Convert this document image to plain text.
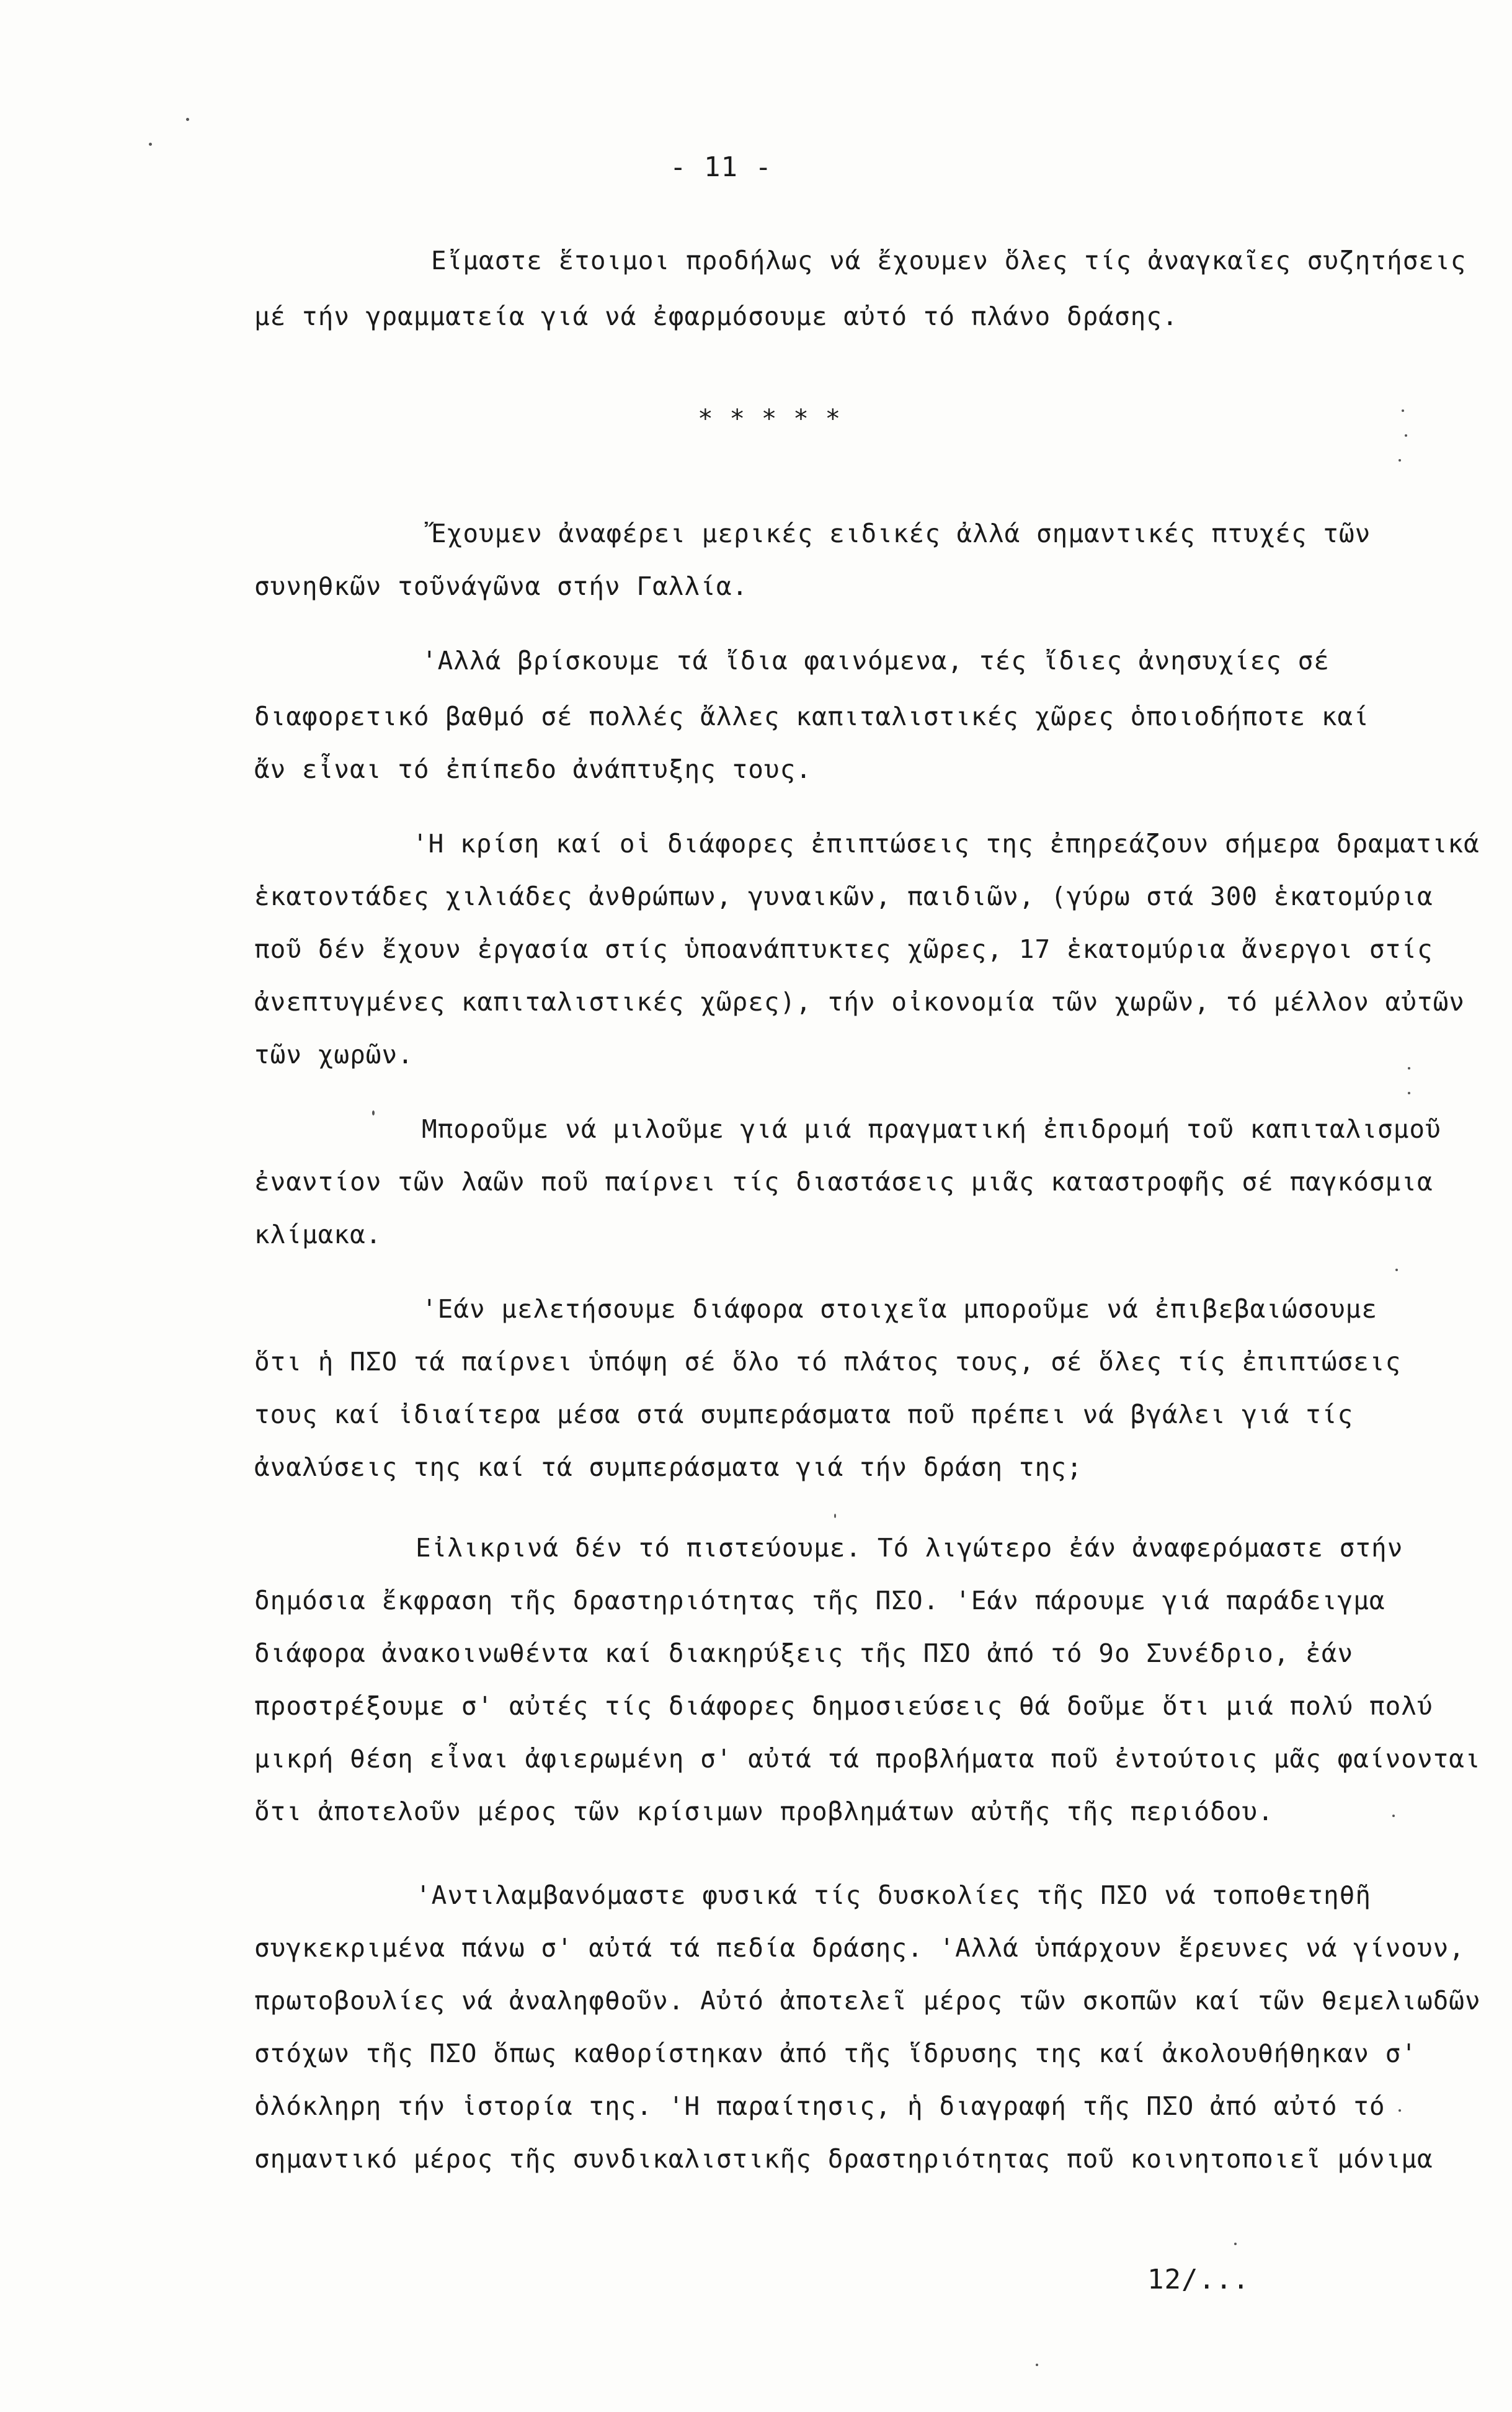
- 11 -
Εἴμαστε ἕτοιμοι προδήλως νά ἔχουμεν ὅλες τίς ἀναγκαῖες συζητήσεις
μέ τήν γραμματεία γιά νά ἐφαρμόσουμε αὐτό τό πλάνο δράσης.
* * * * *
Ἔχουμεν ἀναφέρει μερικές ειδικές ἀλλά σημαντικές πτυχές τῶν
συνηθκῶν τοῦνάγῶνα στήν Γαλλία.
'Αλλά βρίσκουμε τά ἴδια φαινόμενα, τές ἴδιες ἀνησυχίες σέ
διαφορετικό βαθμό σέ πολλές ἄλλες καπιταλιστικές χῶρες ὁποιοδήποτε καί
ἄν εἶναι τό ἐπίπεδο ἀνάπτυξης τους.
'Η κρίση καί οἱ διάφορες ἐπιπτώσεις της ἐπηρεάζουν σήμερα δραματικά
ἑκατοντάδες χιλιάδες ἀνθρώπων, γυναικῶν, παιδιῶν, (γύρω στά 300 ἑκατομύρια
ποῦ δέν ἔχουν ἐργασία στίς ὑποανάπτυκτες χῶρες, 17 ἑκατομύρια ἄνεργοι στίς
ἀνεπτυγμένες καπιταλιστικές χῶρες), τήν οἰκονομία τῶν χωρῶν, τό μέλλον αὐτῶν
τῶν χωρῶν.
Μποροῦμε νά μιλοῦμε γιά μιά πραγματική ἐπιδρομή τοῦ καπιταλισμοῦ
ἐναντίον τῶν λαῶν ποῦ παίρνει τίς διαστάσεις μιᾶς καταστροφῆς σέ παγκόσμια
κλίμακα.
'Εάν μελετήσουμε διάφορα στοιχεῖα μποροῦμε νά ἐπιβεβαιώσουμε
ὅτι ἡ ΠΣΟ τά παίρνει ὑπόψη σέ ὅλο τό πλάτος τους, σέ ὅλες τίς ἐπιπτώσεις
τους καί ἰδιαίτερα μέσα στά συμπεράσματα ποῦ πρέπει νά βγάλει γιά τίς
ἀναλύσεις της καί τά συμπεράσματα γιά τήν δράση της;
Εἰλικρινά δέν τό πιστεύουμε. Τό λιγώτερο ἐάν ἀναφερόμαστε στήν
δημόσια ἔκφραση τῆς δραστηριότητας τῆς ΠΣΟ. 'Εάν πάρουμε γιά παράδειγμα
διάφορα ἀνακοινωθέντα καί διακηρύξεις τῆς ΠΣΟ ἀπό τό 9ο Συνέδριο, ἐάν
προστρέξουμε σ' αὐτές τίς διάφορες δημοσιεύσεις θά δοῦμε ὅτι μιά πολύ πολύ
μικρή θέση εἶναι ἀφιερωμένη σ' αὐτά τά προβλήματα ποῦ ἐντούτοις μᾶς φαίνονται
ὅτι ἀποτελοῦν μέρος τῶν κρίσιμων προβλημάτων αὐτῆς τῆς περιόδου.
'Αντιλαμβανόμαστε φυσικά τίς δυσκολίες τῆς ΠΣΟ νά τοποθετηθῆ
συγκεκριμένα πάνω σ' αὐτά τά πεδία δράσης. 'Αλλά ὑπάρχουν ἔρευνες νά γίνουν,
πρωτοβουλίες νά ἀναληφθοῦν. Αὐτό ἀποτελεῖ μέρος τῶν σκοπῶν καί τῶν θεμελιωδῶν
στόχων τῆς ΠΣΟ ὅπως καθορίστηκαν ἀπό τῆς ἵδρυσης της καί ἀκολουθήθηκαν σ'
ὁλόκληρη τήν ἱστορία της. 'Η παραίτησις, ἡ διαγραφή τῆς ΠΣΟ ἀπό αὐτό τό
σημαντικό μέρος τῆς συνδικαλιστικῆς δραστηριότητας ποῦ κοινητοποιεῖ μόνιμα
12/...
